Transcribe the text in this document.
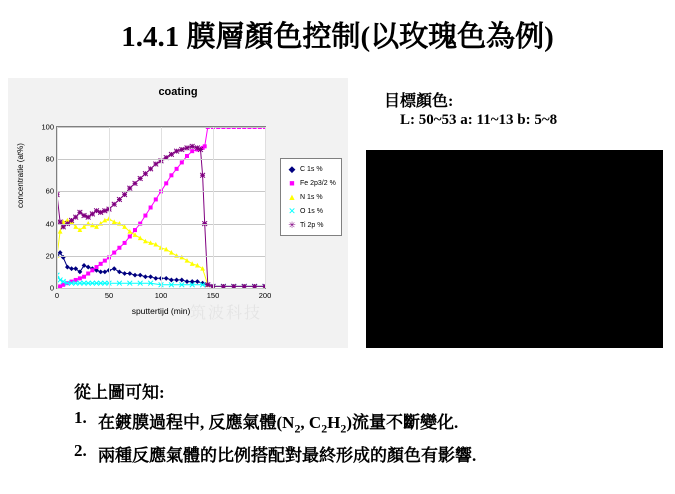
1.4.1 膜層顏色控制(以玫瑰色為例)
coating
concentratie (at%)
sputtertijd (min)
0
20
40
60
80
100
0	50	100	150	200
◆ C 1s %
■ Fe 2p3/2 %
▲ N 1s %
✕ O 1s %
✳ Ti 2p %
筑波科技
目標顏色:
L: 50~53 a: 11~13 b: 5~8
從上圖可知:
1. 在鍍膜過程中, 反應氣體($N_2$, $C_2H_2$)流量不斷變化.
2. 兩種反應氣體的比例搭配對最終形成的顏色有影響.
